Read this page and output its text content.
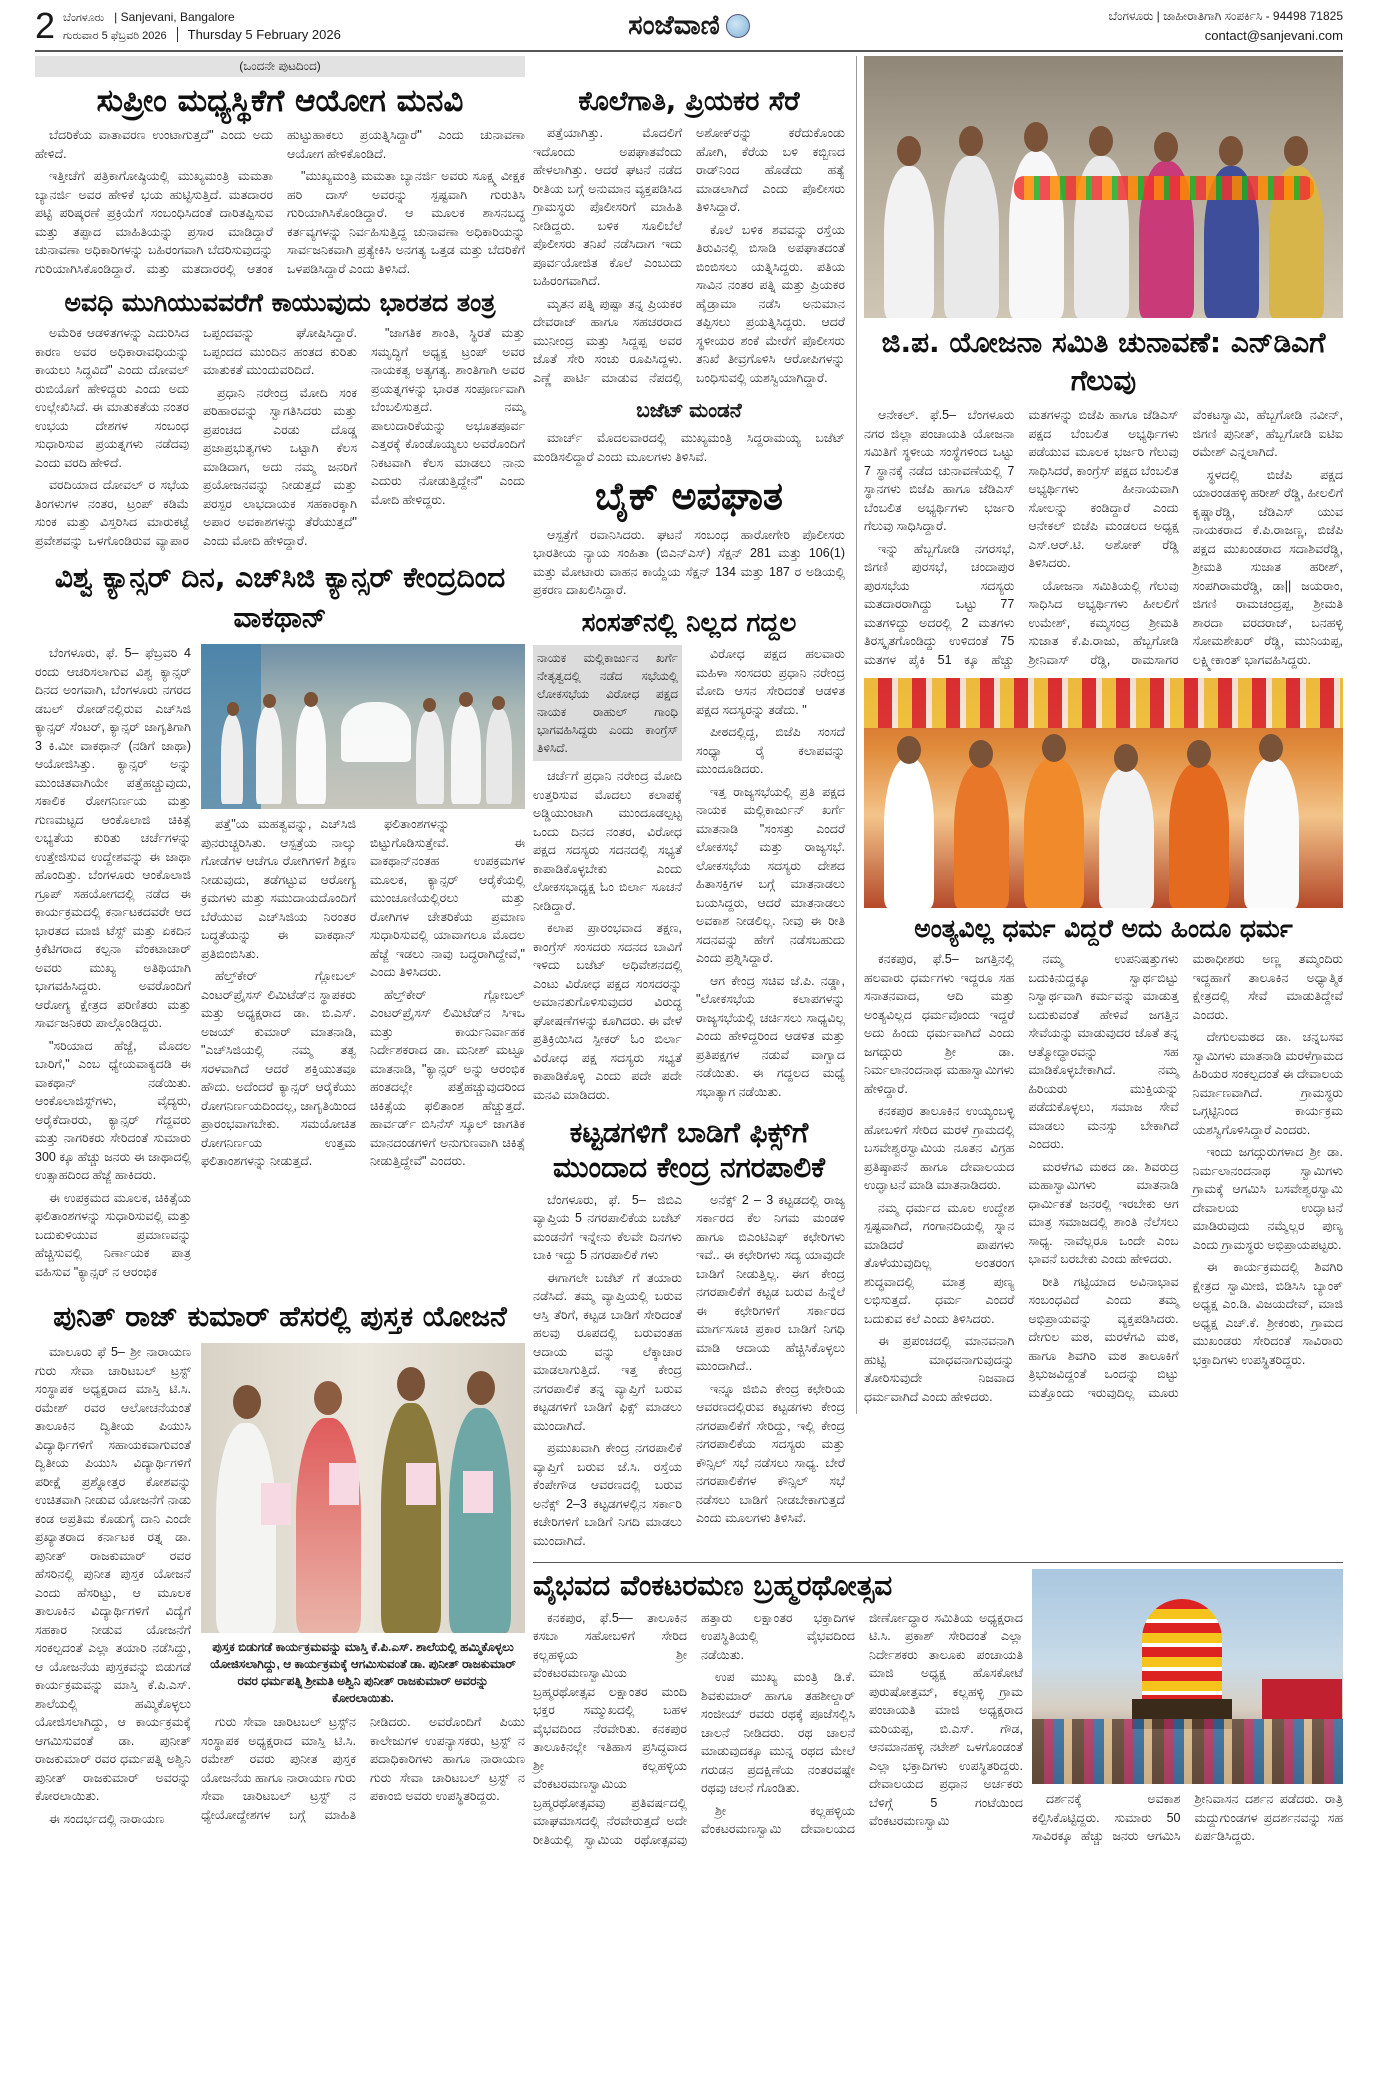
2 ಬೆಂಗಳೂರು | Sanjevani, Bangalore
ಗುರುವಾರ 5 ಫೆಬ್ರವರಿ 2026	Thursday 5 February 2026	ಸಂಜೆವಾಣಿ	ಬೆಂಗಳೂರು | ಜಾಹೀರಾತಿಗಾಗಿ ಸಂಪರ್ಕಿಸಿ - 94498 71825
contact@sanjevani.com
(ಒಂದನೇ ಪುಟದಿಂದ)
ಸುಪ್ರೀಂ ಮಧ್ಯಸ್ಥಿಕೆಗೆ ಆಯೋಗ ಮನವಿ

ಬೆದರಿಕೆಯ ವಾತಾವರಣ ಉಂಟಾಗುತ್ತದೆ" ಎಂದು ಅದು ಹೇಳಿದೆ.

ಇತ್ತೀಚೆಗೆ ಪತ್ರಿಕಾಗೋಷ್ಠಿಯಲ್ಲಿ ಮುಖ್ಯಮಂತ್ರಿ ಮಮತಾ ಬ್ಯಾನರ್ಜಿ ಅವರ ಹೇಳಿಕೆ ಭಯ ಹುಟ್ಟಿಸುತ್ತಿದೆ. ಮತದಾರರ ಪಟ್ಟಿ ಪರಿಷ್ಕರಣೆ ಪ್ರಕ್ರಿಯೆಗೆ ಸಂಬಂಧಿಸಿದಂತೆ ದಾರಿತಪ್ಪಿಸುವ ಮತ್ತು ತಪ್ಪಾದ ಮಾಹಿತಿಯನ್ನು ಪ್ರಸಾರ ಮಾಡಿದ್ದಾರೆ ಚುನಾವಣಾ ಅಧಿಕಾರಿಗಳನ್ನು ಬಹಿರಂಗವಾಗಿ ಬೆದರಿಸುವುದನ್ನು ಗುರಿಯಾಗಿಸಿಕೊಂಡಿದ್ದಾರೆ. ಮತ್ತು ಮತದಾರರಲ್ಲಿ ಆತಂಕ ಹುಟ್ಟುಹಾಕಲು ಪ್ರಯತ್ನಿಸಿದ್ದಾರೆ" ಎಂದು ಚುನಾವಣಾ ಆಯೋಗ ಹೇಳಿಕೊಂಡಿದೆ.

"ಮುಖ್ಯಮಂತ್ರಿ ಮಮತಾ ಬ್ಯಾನರ್ಜಿ ಅವರು ಸೂಕ್ಷ್ಮ ವೀಕ್ಷಕ ಹರಿ ದಾಸ್ ಅವರನ್ನು ಸ್ಪಷ್ಟವಾಗಿ ಗುರುತಿಸಿ ಗುರಿಯಾಗಿಸಿಕೊಂಡಿದ್ದಾರೆ. ಆ ಮೂಲಕ ಶಾಸನಬದ್ಧ ಕರ್ತವ್ಯಗಳನ್ನು ನಿರ್ವಹಿಸುತ್ತಿದ್ದ ಚುನಾವಣಾ ಅಧಿಕಾರಿಯನ್ನು ಸಾರ್ವಜನಿಕವಾಗಿ ಪ್ರತ್ಯೇಕಿಸಿ ಅನಗತ್ಯ ಒತ್ತಡ ಮತ್ತು ಬೆದರಿಕೆಗೆ ಒಳಪಡಿಸಿದ್ದಾರೆ ಎಂದು ತಿಳಿಸಿದೆ.

ಅವಧಿ ಮುಗಿಯುವವರೆಗೆ ಕಾಯುವುದು ಭಾರತದ ತಂತ್ರ

ಅಮೆರಿಕ ಆಡಳಿತಗಳನ್ನು ಎದುರಿಸಿದ ಕಾರಣ ಅವರ ಅಧಿಕಾರಾವಧಿಯನ್ನು ಕಾಯಲು ಸಿದ್ಧವಿದೆ" ಎಂದು ದೋವಲ್ ರುಬಿಯೊಗೆ ಹೇಳಿದ್ದರು ಎಂದು ಅದು ಉಲ್ಲೇಖಿಸಿದೆ. ಈ ಮಾತುಕತೆಯ ನಂತರ ಉಭಯ ದೇಶಗಳ ಸಂಬಂಧ ಸುಧಾರಿಸುವ ಪ್ರಯತ್ನಗಳು ನಡೆದವು ಎಂದು ವರದಿ ಹೇಳಿದೆ.

ವರದಿಯಾದ ದೋವಲ್ ರ ಸಭೆಯ ತಿಂಗಳುಗಳ ನಂತರ, ಟ್ರಂಪ್ ಕಡಿಮೆ ಸುಂಕ ಮತ್ತು ವಿಸ್ತರಿಸಿದ ಮಾರುಕಟ್ಟೆ ಪ್ರವೇಶವನ್ನು ಒಳಗೊಂಡಿರುವ ವ್ಯಾಪಾರ ಒಪ್ಪಂದವನ್ನು ಘೋಷಿಸಿದ್ದಾರೆ. ಒಪ್ಪಂದದ ಮುಂದಿನ ಹಂತದ ಕುರಿತು ಮಾತುಕತೆ ಮುಂದುವರಿದಿದೆ.

ಪ್ರಧಾನಿ ನರೇಂದ್ರ ಮೋದಿ ಸಂಕ ಪರಿಹಾರವನ್ನು ಸ್ವಾಗತಿಸಿದರು ಮತ್ತು ಪ್ರಪಂಚದ ಎರಡು ದೊಡ್ಡ ಪ್ರಜಾಪ್ರಭುತ್ವಗಳು ಒಟ್ಟಾಗಿ ಕೆಲಸ ಮಾಡಿದಾಗ, ಅದು ನಮ್ಮ ಜನರಿಗೆ ಪ್ರಯೋಜನವನ್ನು ನೀಡುತ್ತದೆ ಮತ್ತು ಪರಸ್ಪರ ಲಾಭದಾಯಕ ಸಹಕಾರಕ್ಕಾಗಿ ಅಪಾರ ಅವಕಾಶಗಳನ್ನು ತೆರೆಯುತ್ತದೆ" ಎಂದು ಮೋದಿ ಹೇಳಿದ್ದಾರೆ.

"ಜಾಗತಿಕ ಶಾಂತಿ, ಸ್ಥಿರತೆ ಮತ್ತು ಸಮೃದ್ಧಿಗೆ ಅಧ್ಯಕ್ಷ ಟ್ರಂಪ್ ಅವರ ನಾಯಕತ್ವ ಅತ್ಯಗತ್ಯ. ಶಾಂತಿಗಾಗಿ ಅವರ ಪ್ರಯತ್ನಗಳನ್ನು ಭಾರತ ಸಂಪೂರ್ಣವಾಗಿ ಬೆಂಬಲಿಸುತ್ತದೆ. ನಮ್ಮ ಪಾಲುದಾರಿಕೆಯನ್ನು ಅಭೂತಪೂರ್ವ ಎತ್ತರಕ್ಕೆ ಕೊಂಡೊಯ್ಯಲು ಅವರೊಂದಿಗೆ ನಿಕಟವಾಗಿ ಕೆಲಸ ಮಾಡಲು ನಾನು ಎದುರು ನೋಡುತ್ತಿದ್ದೇನೆ" ಎಂದು ಮೋದಿ ಹೇಳಿದ್ದರು.

ವಿಶ್ವ ಕ್ಯಾನ್ಸರ್ ದಿನ, ಎಚ್‌ಸಿಜಿ ಕ್ಯಾನ್ಸರ್ ಕೇಂದ್ರದಿಂದ ವಾಕಥಾನ್

ಬೆಂಗಳೂರು, ಫೆ. 5– ಫೆಬ್ರವರಿ 4 ರಂದು ಆಚರಿಸಲಾಗುವ ವಿಶ್ವ ಕ್ಯಾನ್ಸರ್ ದಿನದ ಅಂಗವಾಗಿ, ಬೆಂಗಳೂರು ನಗರದ ಡಬಲ್ ರೋಡ್‌ನಲ್ಲಿರುವ ಎಚ್‌ಸಿಜಿ ಕ್ಯಾನ್ಸರ್ ಸೆಂಟರ್, ಕ್ಯಾನ್ಸರ್ ಜಾಗೃತಿಗಾಗಿ 3 ಕಿ.ಮೀ ವಾಕಥಾನ್ (ನಡಿಗೆ ಜಾಥಾ) ಆಯೋಜಿಸಿತ್ತು. ಕ್ಯಾನ್ಸರ್ ಅನ್ನು ಮುಂಚಿತವಾಗಿಯೇ ಪತ್ತೆಹಚ್ಚುವುದು, ಸಕಾಲಿಕ ರೋಗನಿರ್ಣಯ ಮತ್ತು ಗುಣಮಟ್ಟದ ಆಂಕೊಲಾಜಿ ಚಿಕಿತ್ಸೆ ಲಭ್ಯತೆಯ ಕುರಿತು ಚರ್ಚೆಗಳನ್ನು ಉತ್ತೇಜಿಸುವ ಉದ್ದೇಶವನ್ನು ಈ ಜಾಥಾ ಹೊಂದಿತ್ತು. ಬೆಂಗಳೂರು ಆಂಕೊಲಾಜಿ ಗ್ರೂಪ್ ಸಹಯೋಗದಲ್ಲಿ ನಡೆದ ಈ ಕಾರ್ಯಕ್ರಮದಲ್ಲಿ ಕರ್ನಾಟಕದವರೇ ಆದ ಭಾರತದ ಮಾಜಿ ಟೆಸ್ಟ್ ಮತ್ತು ಏಕದಿನ ಕ್ರಿಕೆಟಿಗರಾದ ಕಲ್ಪನಾ ವೆಂಕಟಾಚಾರ್ ಅವರು ಮುಖ್ಯ ಅತಿಥಿಯಾಗಿ ಭಾಗವಹಿಸಿದ್ದರು. ಅವರೊಂದಿಗೆ ಆರೋಗ್ಯ ಕ್ಷೇತ್ರದ ಪರಿಣಿತರು ಮತ್ತು ಸಾರ್ವಜನಿಕರು ಪಾಲ್ಗೊಂಡಿದ್ದರು.

"ಸರಿಯಾದ ಹೆಜ್ಜೆ, ಮೊದಲ ಬಾರಿಗೆ," ಎಂಬ ಧ್ಯೇಯವಾಕ್ಯದಡಿ ಈ ವಾಕಥಾನ್ ನಡೆಯಿತು. ಆಂಕೊಲಾಜಿಸ್ಟ್‌ಗಳು, ವೈದ್ಯರು, ಆರೈಕೆದಾರರು, ಕ್ಯಾನ್ಸರ್ ಗೆದ್ದವರು ಮತ್ತು ನಾಗರಿಕರು ಸೇರಿದಂತೆ ಸುಮಾರು 300 ಕ್ಕೂ ಹೆಚ್ಚು ಜನರು ಈ ಜಾಥಾದಲ್ಲಿ ಉತ್ಸಾಹದಿಂದ ಹೆಜ್ಜೆ ಹಾಕಿದರು.

ಈ ಉಪಕ್ರಮದ ಮೂಲಕ, ಚಿಕಿತ್ಸೆಯ ಫಲಿತಾಂಶಗಳನ್ನು ಸುಧಾರಿಸುವಲ್ಲಿ ಮತ್ತು ಬದುಕುಳಿಯುವ ಪ್ರಮಾಣವನ್ನು ಹೆಚ್ಚಿಸುವಲ್ಲಿ ನಿರ್ಣಾಯಕ ಪಾತ್ರ ವಹಿಸುವ "ಕ್ಯಾನ್ಸರ್ ನ ಆರಂಭಿಕ

ಪತ್ತೆ"ಯ ಮಹತ್ವವನ್ನು, ಎಚ್‌ಸಿಜಿ ಪುನರುಚ್ಚರಿಸಿತು. ಆಸ್ಪತ್ರೆಯ ನಾಲ್ಕು ಗೋಡೆಗಳ ಆಚೆಗೂ ರೋಗಿಗಳಿಗೆ ಶಿಕ್ಷಣ ನೀಡುವುದು, ತಡೆಗಟ್ಟುವ ಆರೋಗ್ಯ ಕ್ರಮಗಳು ಮತ್ತು ಸಮುದಾಯದೊಂದಿಗೆ ಬೆರೆಯುವ ಎಚ್‌ಸಿಜಿಯ ನಿರಂತರ ಬದ್ಧತೆಯನ್ನು ಈ ವಾಕಥಾನ್ ಪ್ರತಿಬಿಂಬಿಸಿತು.

ಹೆಲ್ತ್‌ಕೇರ್ ಗ್ಲೋಬಲ್ ಎಂಟರ್‌ಪ್ರೈಸಸ್ ಲಿಮಿಟೆಡ್‌ನ ಸ್ಥಾಪಕರು ಮತ್ತು ಅಧ್ಯಕ್ಷರಾದ ಡಾ. ಬಿ.ಎಸ್. ಅಜಯ್ ಕುಮಾರ್ ಮಾತನಾಡಿ, "ಎಚ್‌ಸಿಜಿಯಲ್ಲಿ ನಮ್ಮ ತತ್ವ ಸರಳವಾಗಿದೆ ಆದರೆ ಶಕ್ತಿಯುತವೂ ಹೌದು. ಅದೆಂದರೆ ಕ್ಯಾನ್ಸರ್ ಆರೈಕೆಯು ರೋಗನಿರ್ಣಯದಿಂದಲ್ಲ, ಜಾಗೃತಿಯಿಂದ ಪ್ರಾರಂಭವಾಗಬೇಕು. ಸಮಯೋಚಿತ ರೋಗನಿರ್ಣಯ ಉತ್ತಮ ಫಲಿತಾಂಶಗಳನ್ನು ನೀಡುತ್ತದೆ.

ಫಲಿತಾಂಶಗಳನ್ನು ಬಿಟ್ಟುಗೊಡಿಸುತ್ತೇವೆ. ಈ ವಾಕಥಾನ್‌ನಂತಹ ಉಪಕ್ರಮಗಳ ಮೂಲಕ, ಕ್ಯಾನ್ಸರ್ ಆರೈಕೆಯಲ್ಲಿ ಮುಂಚೂಣಿಯಲ್ಲಿರಲು ಮತ್ತು ರೋಗಿಗಳ ಚೇತರಿಕೆಯ ಪ್ರಮಾಣ ಸುಧಾರಿಸುವಲ್ಲಿ ಯಾವಾಗಲೂ ಮೊದಲ ಹೆಜ್ಜೆ ಇಡಲು ನಾವು ಬದ್ಧರಾಗಿದ್ದೇವೆ," ಎಂದು ತಿಳಿಸಿದರು.

ಹೆಲ್ತ್‌ಕೇರ್ ಗ್ಲೋಬಲ್ ಎಂಟರ್‌ಪ್ರೈಸಸ್ ಲಿಮಿಟೆಡ್‌ನ ಸಿಇಒ ಮತ್ತು ಕಾರ್ಯನಿರ್ವಾಹಕ ನಿರ್ದೇಶಕರಾದ ಡಾ. ಮನೀಶ್ ಮಟ್ಟೂ ಮಾತನಾಡಿ, "ಕ್ಯಾನ್ಸರ್ ಅನ್ನು ಆರಂಭಿಕ ಹಂತದಲ್ಲೇ ಪತ್ತೆಹಚ್ಚುವುದರಿಂದ ಚಿಕಿತ್ಸೆಯ ಫಲಿತಾಂಶ ಹೆಚ್ಚುತ್ತದೆ. ಹಾರ್ವರ್ಡ್ ಬಿಸಿನೆಸ್ ಸ್ಕೂಲ್ ಜಾಗತಿಕ ಮಾನದಂಡಗಳಿಗೆ ಅನುಗುಣವಾಗಿ ಚಿಕಿತ್ಸೆ ನೀಡುತ್ತಿದ್ದೇವೆ" ಎಂದರು.

ಪುನಿತ್ ರಾಜ್ ಕುಮಾರ್ ಹೆಸರಲ್ಲಿ ಪುಸ್ತಕ ಯೋಜನೆ

ಮಾಲೂರು ಫೆ 5– ಶ್ರೀ ನಾರಾಯಣ ಗುರು ಸೇವಾ ಚಾರಿಟಬಲ್ ಟ್ರಸ್ಟ್ ಸಂಸ್ಥಾಪಕ ಅಧ್ಯಕ್ಷರಾದ ಮಾಸ್ತಿ ಟಿ.ಸಿ. ರಮೇಶ್ ರವರ ಆಲೋಚನೆಯಂತೆ ತಾಲೂಕಿನ ದ್ವಿತೀಯ ಪಿಯುಸಿ ವಿದ್ಯಾರ್ಥಿಗಳಿಗೆ ಸಹಾಯಕವಾಗುವಂತೆ ದ್ವಿತೀಯ ಪಿಯುಸಿ ವಿದ್ಯಾರ್ಥಿಗಳಿಗೆ ಪರೀಕ್ಷೆ ಪ್ರಶ್ನೋತ್ತರ ಕೋಶವನ್ನು ಉಚಿತವಾಗಿ ನೀಡುವ ಯೋಜನೆಗೆ ನಾಡು ಕಂಡ ಅಪ್ರತಿಮ ಕೊಡುಗೈ ದಾನಿ ಎಂದೇ ಪ್ರಖ್ಯಾತರಾದ ಕರ್ನಾಟಕ ರತ್ನ ಡಾ. ಪುನೀತ್ ರಾಜಕುಮಾರ್ ರವರ ಹೆಸರಿನಲ್ಲಿ ಪುನೀತ ಪುಸ್ತಕ ಯೋಜನೆ ಎಂದು ಹೆಸರಿಟ್ಟು, ಆ ಮೂಲಕ ತಾಲೂಕಿನ ವಿದ್ಯಾರ್ಥಿಗಳಿಗೆ ವಿದ್ಯೆಗೆ ಸಹಕಾರ ನೀಡುವ ಯೋಜನೆಗೆ ಸಂಕಲ್ಪದಂತೆ ಎಲ್ಲಾ ತಯಾರಿ ನಡೆಸಿದ್ದು, ಆ ಯೋಜನೆಯ ಪುಸ್ತಕವನ್ನು ಬಿಡುಗಡೆ ಕಾರ್ಯಕ್ರಮವನ್ನು ಮಾಸ್ತಿ ಕೆ.ಪಿ.ಎಸ್. ಶಾಲೆಯಲ್ಲಿ ಹಮ್ಮಿಕೊಳ್ಳಲು ಯೋಜಿಸಲಾಗಿದ್ದು, ಆ ಕಾರ್ಯಕ್ರಮಕ್ಕೆ ಆಗಮಿಸುವಂತೆ ಡಾ. ಪುನೀತ್ ರಾಜಕುಮಾರ್ ರವರ ಧರ್ಮಪತ್ನಿ ಅಶ್ವಿನಿ ಪುನೀತ್ ರಾಜಕುಮಾರ್ ಅವರನ್ನು ಕೋರಲಾಯಿತು.

ಈ ಸಂದರ್ಭದಲ್ಲಿ ನಾರಾಯಣ

ಪುಸ್ತಕ ಬಿಡುಗಡೆ ಕಾರ್ಯಕ್ರಮವನ್ನು ಮಾಸ್ತಿ ಕೆ.ಪಿ.ಎಸ್. ಶಾಲೆಯಲ್ಲಿ ಹಮ್ಮಿಕೊಳ್ಳಲು ಯೋಜಿಸಲಾಗಿದ್ದು, ಆ ಕಾರ್ಯಕ್ರಮಕ್ಕೆ ಆಗಮಿಸುವಂತೆ ಡಾ. ಪುನೀತ್ ರಾಜಕುಮಾರ್ ರವರ ಧರ್ಮಪತ್ನಿ ಶ್ರೀಮತಿ ಅಶ್ವಿನಿ ಪುನೀತ್ ರಾಜಕುಮಾರ್ ಅವರನ್ನು ಕೋರಲಾಯಿತು.

ಗುರು ಸೇವಾ ಚಾರಿಟಬಲ್ ಟ್ರಸ್ಟ್‌ನ ಸಂಸ್ಥಾಪಕ ಅಧ್ಯಕ್ಷರಾದ ಮಾಸ್ತಿ ಟಿ.ಸಿ. ರಮೇಶ್ ರವರು ಪುನೀತ ಪುಸ್ತಕ ಯೋಜನೆಯ ಹಾಗೂ ನಾರಾಯಣ ಗುರು ಸೇವಾ ಚಾರಿಟಬಲ್ ಟ್ರಸ್ಟ್ ನ ಧ್ಯೇಯೋದ್ದೇಶಗಳ ಬಗ್ಗೆ ಮಾಹಿತಿ ನೀಡಿದರು. ಅವರೊಂದಿಗೆ ಪಿಯು ಕಾಲೇಜುಗಳ ಉಪನ್ಯಾಸಕರು, ಟ್ರಸ್ಟ್ ನ ಪದಾಧಿಕಾರಿಗಳು ಹಾಗೂ ನಾರಾಯಣ ಗುರು ಸೇವಾ ಚಾರಿಟಬಲ್ ಟ್ರಸ್ಟ್ ನ ಪಕಾಂಬಿ ಅವರು ಉಪಸ್ಥಿತರಿದ್ದರು.

ಕೊಲೆಗಾತಿ, ಪ್ರಿಯಕರ ಸೆರೆ

ಪತ್ತೆಯಾಗಿತ್ತು. ಮೊದಲಿಗೆ ಇದೊಂದು ಅಪಘಾತವೆಂದು ಹೇಳಲಾಗಿತ್ತು. ಆದರೆ ಘಟನೆ ನಡೆದ ರೀತಿಯ ಬಗ್ಗೆ ಅನುಮಾನ ವ್ಯಕ್ತಪಡಿಸಿದ ಗ್ರಾಮಸ್ಥರು ಪೊಲೀಸರಿಗೆ ಮಾಹಿತಿ ನೀಡಿದ್ದರು. ಬಳಿಕ ಸೂಲಿಬೆಲೆ ಪೊಲೀಸರು ತನಿಖೆ ನಡೆಸಿದಾಗ ಇದು ಪೂರ್ವಯೋಜಿತ ಕೊಲೆ ಎಂಬುದು ಬಹಿರಂಗವಾಗಿದೆ.

ಮೃತನ ಪತ್ನಿ ಪುಷ್ಪಾ ತನ್ನ ಪ್ರಿಯಕರ ದೇವರಾಜ್ ಹಾಗೂ ಸಹಚರರಾದ ಮುನೀಂದ್ರ ಮತ್ತು ಸಿದ್ದಪ್ಪ ಅವರ ಜೊತೆ ಸೇರಿ ಸಂಚು ರೂಪಿಸಿದ್ದಳು. ಎಣ್ಣೆ ಪಾರ್ಟಿ ಮಾಡುವ ನೆಪದಲ್ಲಿ ಅಶೋಕ್‌ರನ್ನು ಕರೆದುಕೊಂಡು ಹೋಗಿ, ಕೆರೆಯ ಬಳಿ ಕಬ್ಬಿಣದ ರಾಡ್‌ನಿಂದ ಹೊಡೆದು ಹತ್ಯೆ ಮಾಡಲಾಗಿದೆ ಎಂದು ಪೊಲೀಸರು ತಿಳಿಸಿದ್ದಾರೆ.

ಕೊಲೆ ಬಳಿಕ ಶವವನ್ನು ರಸ್ತೆಯ ತಿರುವಿನಲ್ಲಿ ಬಿಸಾಡಿ ಅಪಘಾತದಂತೆ ಬಿಂಬಿಸಲು ಯತ್ನಿಸಿದ್ದರು. ಪತಿಯ ಸಾವಿನ ನಂತರ ಪತ್ನಿ ಮತ್ತು ಪ್ರಿಯಕರ ಹೈಡ್ರಾಮಾ ನಡೆಸಿ ಅನುಮಾನ ತಪ್ಪಿಸಲು ಪ್ರಯತ್ನಿಸಿದ್ದರು. ಆದರೆ ಸ್ಥಳೀಯರ ಶಂಕೆ ಮೇರೆಗೆ ಪೊಲೀಸರು ತನಿಖೆ ತೀವ್ರಗೊಳಿಸಿ ಆರೋಪಿಗಳನ್ನು ಬಂಧಿಸುವಲ್ಲಿ ಯಶಸ್ವಿಯಾಗಿದ್ದಾರೆ.

ಬಜೆಟ್ ಮಂಡನೆ

ಮಾರ್ಚ್ ಮೊದಲವಾರದಲ್ಲಿ ಮುಖ್ಯಮಂತ್ರಿ ಸಿದ್ದರಾಮಯ್ಯ ಬಜೆಟ್ ಮಂಡಿಸಲಿದ್ದಾರೆ ಎಂದು ಮೂಲಗಳು ತಿಳಿಸಿವೆ.

ಬೈಕ್ ಅಪಘಾತ

ಆಸ್ಪತ್ರೆಗೆ ರವಾನಿಸಿದರು. ಘಟನೆ ಸಂಬಂಧ ಹಾರೋಗೇರಿ ಪೊಲೀಸರು ಭಾರತೀಯ ನ್ಯಾಯ ಸಂಹಿತಾ (ಬಿಎನ್‌ಎಸ್) ಸೆಕ್ಷನ್ 281 ಮತ್ತು 106(1) ಮತ್ತು ಮೋಟಾರು ವಾಹನ ಕಾಯ್ದೆಯ ಸೆಕ್ಷನ್ 134 ಮತ್ತು 187 ರ ಅಡಿಯಲ್ಲಿ ಪ್ರಕರಣ ದಾಖಲಿಸಿದ್ದಾರೆ.

ಸಂಸತ್‌ನಲ್ಲಿ ನಿಲ್ಲದ ಗದ್ದಲ
ನಾಯಕ ಮಲ್ಲಿಕಾರ್ಜುನ ಖರ್ಗೆ ನೇತೃತ್ವದಲ್ಲಿ ನಡೆದ ಸಭೆಯಲ್ಲಿ ಲೋಕಸಭೆಯ ವಿರೋಧ ಪಕ್ಷದ ನಾಯಕ ರಾಹುಲ್ ಗಾಂಧಿ ಭಾಗವಹಿಸಿದ್ದರು ಎಂದು ಕಾಂಗ್ರೆಸ್ ತಿಳಿಸಿದೆ.

ಚರ್ಚೆಗೆ ಪ್ರಧಾನಿ ನರೇಂದ್ರ ಮೋದಿ ಉತ್ತರಿಸುವ ಮೊದಲು ಕಲಾಪಕ್ಕೆ ಅಡ್ಡಿಯುಂಟಾಗಿ ಮುಂದೂಡಲ್ಪಟ್ಟ ಒಂದು ದಿನದ ನಂತರ, ವಿರೋಧ ಪಕ್ಷದ ಸದಸ್ಯರು ಸದನದಲ್ಲಿ ಸಭ್ಯತೆ ಕಾಪಾಡಿಕೊಳ್ಳಬೇಕು ಎಂದು ಲೋಕಸಭಾಧ್ಯಕ್ಷ ಓಂ ಬಿರ್ಲಾ ಸೂಚನೆ ನೀಡಿದ್ದಾರೆ.

ಕಲಾಪ ಪ್ರಾರಂಭವಾದ ತಕ್ಷಣ, ಕಾಂಗ್ರೆಸ್ ಸಂಸದರು ಸದನದ ಬಾವಿಗೆ ಇಳಿದು ಬಜೆಟ್ ಅಧಿವೇಶನದಲ್ಲಿ ಎಂಟು ವಿರೋಧ ಪಕ್ಷದ ಸಂಸದರನ್ನು ಅಮಾನತುಗೊಳಿಸುವುದರ ವಿರುದ್ಧ ಘೋಷಣೆಗಳನ್ನು ಕೂಗಿದರು. ಈ ವೇಳೆ ಪ್ರತಿಕ್ರಿಯಿಸಿದ ಸ್ಪೀಕರ್ ಓಂ ಬಿರ್ಲಾ ವಿರೋಧ ಪಕ್ಷ ಸದಸ್ಯರು ಸಭ್ಯತೆ ಕಾಪಾಡಿಕೊಳ್ಳಿ ಎಂದು ಪದೇ ಪದೇ ಮನವಿ ಮಾಡಿದರು.

ವಿರೋಧ ಪಕ್ಷದ ಹಲವಾರು ಮಹಿಳಾ ಸಂಸದರು ಪ್ರಧಾನಿ ನರೇಂದ್ರ ಮೋದಿ ಆಸನ ಸೇರಿದಂತೆ ಆಡಳಿತ ಪಕ್ಷದ ಸದಸ್ಯರನ್ನು ತಡೆದು. "

ಪೀಠದಲ್ಲಿದ್ದ, ಬಿಜೆಪಿ ಸಂಸದೆ ಸಂಧ್ಯಾ ರೈ ಕಲಾಪವನ್ನು ಮುಂದೂಡಿದರು.

ಇತ್ತ ರಾಜ್ಯಸಭೆಯಲ್ಲಿ ಪ್ರತಿ ಪಕ್ಷದ ನಾಯಕ ಮಲ್ಲಿಕಾರ್ಜುನ್ ಖರ್ಗೆ ಮಾತನಾಡಿ "ಸಂಸತ್ತು ಎಂದರೆ ಲೋಕಸಭೆ ಮತ್ತು ರಾಜ್ಯಸಭೆ. ಲೋಕಸಭೆಯ ಸದಸ್ಯರು ದೇಶದ ಹಿತಾಸಕ್ತಿಗಳ ಬಗ್ಗೆ ಮಾತನಾಡಲು ಬಯಸಿದ್ದರು, ಆದರೆ ಮಾತನಾಡಲು ಅವಕಾಶ ನೀಡಲಿಲ್ಲ. ನೀವು ಈ ರೀತಿ ಸದನವನ್ನು ಹೇಗೆ ನಡೆಸಬಹುದು ಎಂದು ಪ್ರಶ್ನಿಸಿದ್ದಾರೆ.

ಆಗ ಕೇಂದ್ರ ಸಚಿವ ಜೆ.ಪಿ. ನಡ್ಡಾ, "ಲೋಕಸಭೆಯ ಕಲಾಪಗಳನ್ನು ರಾಜ್ಯಸಭೆಯಲ್ಲಿ ಚರ್ಚಿಸಲು ಸಾಧ್ಯವಿಲ್ಲ ಎಂದು ಹೇಳಿದ್ದರಿಂದ ಆಡಳಿತ ಮತ್ತು ಪ್ರತಿಪಕ್ಷಗಳ ನಡುವೆ ವಾಗ್ವಾದ ನಡೆಯಿತು. ಈ ಗದ್ದಲದ ಮಧ್ಯೆ ಸಭಾತ್ಯಾಗ ನಡೆಯಿತು.

ಕಟ್ಟಡಗಳಿಗೆ ಬಾಡಿಗೆ ಫಿಕ್ಸ್‌ಗೆ ಮುಂದಾದ ಕೇಂದ್ರ ನಗರಪಾಲಿಕೆ

ಬೆಂಗಳೂರು, ಫೆ. 5– ಜಿಬಿಎ ವ್ಯಾಪ್ತಿಯ 5 ನಗರಪಾಲಿಕೆಯ ಬಜೆಟ್ ಮಂಡನೆಗೆ ಇನ್ನೇನು ಕೆಲವೇ ದಿನಗಳು ಬಾಕಿ ಇದ್ದು 5 ನಗರಪಾಲಿಕೆ ಗಳು

ಈಗಾಗಲೇ ಬಜೆಟ್ ಗೆ ತಯಾರು ನಡೆಸಿದೆ. ತಮ್ಮ ವ್ಯಾಪ್ತಿಯಲ್ಲಿ ಬರುವ ಆಸ್ತಿ ತೆರಿಗೆ, ಕಟ್ಟಡ ಬಾಡಿಗೆ ಸೇರಿದಂತೆ ಹಲವು ರೂಪದಲ್ಲಿ ಬರುವಂತಹ ಆದಾಯ ವನ್ನು ಲೆಕ್ಕಾಚಾರ ಮಾಡಲಾಗುತ್ತಿದೆ. ಇತ್ತ ಕೇಂದ್ರ ನಗರಪಾಲಿಕೆ ತನ್ನ ವ್ಯಾಪ್ತಿಗೆ ಬರುವ ಕಟ್ಟಡಗಳಿಗೆ ಬಾಡಿಗೆ ಫಿಕ್ಸ್ ಮಾಡಲು ಮುಂದಾಗಿದೆ.

ಪ್ರಮುಖವಾಗಿ ಕೇಂದ್ರ ನಗರಪಾಲಿಕೆ ವ್ಯಾಪ್ತಿಗೆ ಬರುವ ಜೆ.ಸಿ. ರಸ್ತೆಯ ಕೆಂಪೇಗೌಡ ಆವರಣದಲ್ಲಿ ಬರುವ ಅನೆಕ್ಸ್ 2–3 ಕಟ್ಟಡಗಳಲ್ಲಿನ ಸರ್ಕಾರಿ ಕಚೇರಿಗಳಿಗೆ ಬಾಡಿಗೆ ನಿಗದಿ ಮಾಡಲು ಮುಂದಾಗಿದೆ.

ಅನೆಕ್ಸ್ 2 – 3 ಕಟ್ಟಡದಲ್ಲಿ ರಾಜ್ಯ ಸರ್ಕಾರದ ಕೆಲ ನಿಗಮ ಮಂಡಳಿ ಹಾಗೂ ಬಿಎಂಟಿಎಫ್ ಕಛೇರಿಗಳು ಇವೆ.. ಈ ಕಛೇರಿಗಳು ಸದ್ಯ ಯಾವುದೇ ಬಾಡಿಗೆ ನೀಡುತ್ತಿಲ್ಲ. ಈಗ ಕೇಂದ್ರ ನಗರಪಾಲಿಕೆಗೆ ಕಟ್ಟಡ ಬರುವ ಹಿನ್ನೆಲೆ ಈ ಕಛೇರಿಗಳಿಗೆ ಸರ್ಕಾರದ ಮಾರ್ಗಸೂಚಿ ಪ್ರಕಾರ ಬಾಡಿಗೆ ನಿಗಧಿ ಮಾಡಿ ಆದಾಯ ಹೆಚ್ಚಿಸಿಕೊಳ್ಳಲು ಮುಂದಾಗಿದೆ..

ಇನ್ನೂ ಜಿಬಿಎ ಕೇಂದ್ರ ಕಛೇರಿಯ ಆವರಣದಲ್ಲಿರುವ ಕಟ್ಟಡಗಳು ಕೇಂದ್ರ ನಗರಪಾಲಿಕೆಗೆ ಸೇರಿದ್ದು, ಇಲ್ಲಿ ಕೇಂದ್ರ ನಗರಪಾಲಿಕೆಯ ಸದಸ್ಯರು ಮತ್ತು ಕೌನ್ಸಿಲ್ ಸಭೆ ನಡೆಸಲು ಸಾಧ್ಯ. ಬೇರೆ ನಗರಪಾಲಿಕೆಗಳ ಕೌನ್ಸಿಲ್ ಸಭೆ ನಡೆಸಲು ಬಾಡಿಗೆ ನೀಡಬೇಕಾಗುತ್ತದೆ ಎಂದು ಮೂಲಗಳು ತಿಳಿಸಿವೆ.

ಜಿ.ಪ. ಯೋಜನಾ ಸಮಿತಿ ಚುನಾವಣೆ: ಎನ್‌ಡಿಎಗೆ ಗೆಲುವು

ಆನೇಕಲ್. ಫೆ.5– ಬೆಂಗಳೂರು ನಗರ ಜಿಲ್ಲಾ ಪಂಚಾಯತಿ ಯೋಜನಾ ಸಮಿತಿಗೆ ಸ್ಥಳೀಯ ಸಂಸ್ಥೆಗಳಿಂದ ಒಟ್ಟು 7 ಸ್ಥಾನಕ್ಕೆ ನಡೆದ ಚುನಾವಣೆಯಲ್ಲಿ 7 ಸ್ಥಾನಗಳು ಬಿಜೆಪಿ ಹಾಗೂ ಜೆಡಿಎಸ್ ಬೆಂಬಲಿತ ಅಭ್ಯರ್ಥಿಗಳು ಭರ್ಜರಿ ಗೆಲುವು ಸಾಧಿಸಿದ್ದಾರೆ.

ಇನ್ನು ಹೆಬ್ಬಗೋಡಿ ನಗರಸಭೆ, ಜಿಗಣಿ ಪುರಸಭೆ, ಚಂದಾಪುರ ಪುರಸಭೆಯ ಸದಸ್ಯರು ಮತದಾರರಾಗಿದ್ದು ಒಟ್ಟು 77 ಮತಗಳಿದ್ದು ಅದರಲ್ಲಿ 2 ಮತಗಳು ತಿರಸ್ಕೃತಗೊಂಡಿದ್ದು ಉಳಿದಂತೆ 75 ಮತಗಳ ಪೈಕಿ 51 ಕ್ಕೂ ಹೆಚ್ಚು ಮತಗಳನ್ನು ಬಿಜೆಪಿ ಹಾಗೂ ಜೆಡಿಎಸ್ ಪಕ್ಷದ ಬೆಂಬಲಿತ ಅಭ್ಯರ್ಥಿಗಳು ಪಡೆಯುವ ಮೂಲಕ ಭರ್ಜರಿ ಗೆಲುವು ಸಾಧಿಸಿದರೆ, ಕಾಂಗ್ರೆಸ್ ಪಕ್ಷದ ಬೆಂಬಲಿತ ಅಭ್ಯರ್ಥಿಗಳು ಹೀನಾಯವಾಗಿ ಸೋಲನ್ನು ಕಂಡಿದ್ದಾರೆ ಎಂದು ಆನೇಕಲ್ ಬಿಜೆಪಿ ಮಂಡಲದ ಅಧ್ಯಕ್ಷ ಎಸ್.ಆರ್.ಟಿ. ಅಶೋಕ್ ರೆಡ್ಡಿ ತಿಳಿಸಿದರು.

ಯೋಜನಾ ಸಮಿತಿಯಲ್ಲಿ ಗೆಲುವು ಸಾಧಿಸಿದ ಅಭ್ಯರ್ಥಿಗಳು ಹೀಲಲಿಗೆ ಉಮೇಶ್, ಕಮ್ಮಸಂದ್ರ ಶ್ರೀಮತಿ ಸುಜಾತ ಕೆ.ಪಿ.ರಾಜು, ಹೆಬ್ಬಗೋಡಿ ಶ್ರೀನಿವಾಸ್ ರೆಡ್ಡಿ, ರಾಮಸಾಗರ ವೆಂಕಟಸ್ವಾಮಿ, ಹೆಬ್ಬಗೋಡಿ ನವೀನ್, ಜಿಗಣಿ ಪುನೀತ್, ಹೆಬ್ಬಗೋಡಿ ಐಟಿಐ ರಮೇಶ್ ಎನ್ನಲಾಗಿದೆ.

ಸ್ಥಳದಲ್ಲಿ ಬಿಜೆಪಿ ಪಕ್ಷದ ಯಾರಂಡಹಳ್ಳಿ ಹರೀಶ್ ರೆಡ್ಡಿ, ಹೀಲಲಿಗೆ ಕೃಷ್ಣಾರೆಡ್ಡಿ, ಜೆಡಿಎಸ್ ಯುವ ನಾಯಕರಾದ ಕೆ.ಪಿ.ರಾಜಣ್ಣ, ಬಿಜೆಪಿ ಪಕ್ಷದ ಮುಖಂಡರಾದ ಸದಾಶಿವರೆಡ್ಡಿ, ಶ್ರೀಮತಿ ಸುಜಾತ ಹರೀಶ್, ಸಂಪಗಿರಾಮರೆಡ್ಡಿ, ಡಾ|| ಜಯರಾಂ, ಜಿಗಣಿ ರಾಮಚಂದ್ರಪ್ಪ, ಶ್ರೀಮತಿ ಶಾರದಾ ವರದರಾಜ್, ಬನಹಳ್ಳಿ ಸೋಮಶೇಖರ್ ರೆಡ್ಡಿ, ಮುನಿಯಪ್ಪ, ಲಕ್ಷ್ಮೀಕಾಂತ್ ಭಾಗವಹಿಸಿದ್ದರು.

ಅಂತ್ಯವಿಲ್ಲ ಧರ್ಮ ವಿದ್ದರೆ ಅದು ಹಿಂದೂ ಧರ್ಮ

ಕನಕಪುರ, ಫೆ.5– ಜಗತ್ತಿನಲ್ಲಿ ಹಲವಾರು ಧರ್ಮಗಳು ಇದ್ದರೂ ಸಹ ಸನಾತನವಾದ, ಆದಿ ಮತ್ತು ಅಂತ್ಯವಿಲ್ಲದ ಧರ್ಮವೊಂದು ಇದ್ದರೆ ಅದು ಹಿಂದು ಧರ್ಮವಾಗಿದೆ ಎಂದು ಜಗದ್ಗುರು ಶ್ರೀ ಡಾ. ನಿರ್ಮಲಾನಂದನಾಥ ಮಹಾಸ್ವಾಮಿಗಳು ಹೇಳಿದ್ದಾರೆ.

ಕನಕಪುರ ತಾಲೂಕಿನ ಉಯ್ಯಂಬಳ್ಳಿ ಹೋಬಳಿಗೆ ಸೇರಿದ ಮರಳೆ ಗ್ರಾಮದಲ್ಲಿ ಬಸವೇಶ್ವರಸ್ವಾಮಿಯ ನೂತನ ವಿಗ್ರಹ ಪ್ರತಿಷ್ಠಾಪನೆ ಹಾಗೂ ದೇವಾಲಯದ ಉದ್ಘಾಟನೆ ಮಾಡಿ ಮಾತನಾಡಿದರು.

ನಮ್ಮ ಧರ್ಮದ ಮೂಲ ಉದ್ದೇಶ ಸ್ಪಷ್ಟವಾಗಿದೆ, ಗಂಗಾನದಿಯಲ್ಲಿ ಸ್ನಾನ ಮಾಡಿದರೆ ಪಾಪಗಳು ತೊಳೆಯುವುದಿಲ್ಲ ಅಂತರಂಗ ಶುದ್ಧವಾದಲ್ಲಿ ಮಾತ್ರ ಪುಣ್ಯ ಲಭಿಸುತ್ತದೆ. ಧರ್ಮ ಎಂದರೆ ಬದುಕುವ ಕಲೆ ಎಂದು ತಿಳಿಸಿದರು.

ಈ ಪ್ರಪಂಚದಲ್ಲಿ ಮಾನವನಾಗಿ ಹುಟ್ಟಿ ಮಾಧವನಾಗುವುದನ್ನು ತೋರಿಸುವುದೇ ನಿಜವಾದ ಧರ್ಮವಾಗಿದೆ ಎಂದು ಹೇಳಿದರು.

ನಮ್ಮ ಉಪನಿಷತ್ತುಗಳು ಬದುಕಿನುದ್ದಕ್ಕೂ ಸ್ವಾರ್ಥಬಿಟ್ಟು ನಿಸ್ವಾರ್ಥವಾಗಿ ಕರ್ಮವನ್ನು ಮಾಡುತ್ತ ಬದುಕುವಂತೆ ಹೇಳಿವೆ ಜಗತ್ತಿನ ಸೇವೆಯನ್ನು ಮಾಡುವುದರ ಜೊತೆ ತನ್ನ ಆತ್ಮೋದ್ಧಾರವನ್ನು ಸಹ ಮಾಡಿಕೊಳ್ಳಬೇಕಾಗಿದೆ. ನಮ್ಮ ಹಿರಿಯರು ಮುಕ್ತಿಯನ್ನು ಪಡೆದುಕೊಳ್ಳಲು, ಸಮಾಜ ಸೇವೆ ಮಾಡಲು ಮನಸ್ಸು ಬೇಕಾಗಿದೆ ಎಂದರು.

ಮರಳೆಗವಿ ಮಠದ ಡಾ. ಶಿವರುದ್ರ ಮಹಾಸ್ವಾಮಿಗಳು ಮಾತನಾಡಿ ಧಾರ್ಮಿಕತೆ ಜನರಲ್ಲಿ ಇರಬೇಕು ಆಗ ಮಾತ್ರ ಸಮಾಜದಲ್ಲಿ ಶಾಂತಿ ನೆಲೆಸಲು ಸಾಧ್ಯ. ನಾವೆಲ್ಲರೂ ಒಂದೇ ಎಂಬ ಭಾವನೆ ಬರಬೇಕು ಎಂದು ಹೇಳಿದರು.

ರೀತಿ ಗಟ್ಟಿಯಾದ ಅವಿನಾಭಾವ ಸಂಬಂಧವಿದೆ ಎಂದು ತಮ್ಮ ಅಭಿಪ್ರಾಯವನ್ನು ವ್ಯಕ್ತಪಡಿಸಿದರು. ದೇಗುಲ ಮಠ, ಮರಳೆಗವಿ ಮಠ, ಹಾಗೂ ಶಿವಗಿರಿ ಮಠ ತಾಲೂಕಿಗೆ ತ್ರಿಭುಜವಿದ್ದಂತೆ ಒಂದನ್ನು ಬಿಟ್ಟು ಮತ್ತೊಂದು ಇರುವುದಿಲ್ಲ ಮೂರು ಮಠಾಧೀಶರು ಅಣ್ಣ ತಮ್ಮಂದಿರು ಇದ್ದಹಾಗೆ ತಾಲೂಕಿನ ಅಧ್ಯಾತ್ಮಿಕ ಕ್ಷೇತ್ರದಲ್ಲಿ ಸೇವೆ ಮಾಡುತಿದ್ದೇವೆ ಎಂದರು.

ದೇಗುಲಮಠದ ಡಾ. ಚನ್ನಬಸವ ಸ್ವಾಮಿಗಳು ಮಾತನಾಡಿ ಮರಳೆಗ್ರಾಮದ ಹಿರಿಯರ ಸಂಕಲ್ಪದಂತೆ ಈ ದೇವಾಲಯ ನಿರ್ಮಾಣವಾಗಿದೆ. ಗ್ರಾಮಸ್ಥರು ಒಗ್ಗಟ್ಟಿನಿಂದ ಕಾರ್ಯಕ್ರಮ ಯಶಸ್ವಿಗೊಳಿಸಿದ್ದಾರೆ ಎಂದರು.

ಇಂದು ಜಗದ್ಗುರುಗಳಾದ ಶ್ರೀ ಡಾ. ನಿರ್ಮಲಾನಂದನಾಥ ಸ್ವಾಮಿಗಳು ಗ್ರಾಮಕ್ಕೆ ಆಗಮಿಸಿ ಬಸವೇಶ್ವರಸ್ವಾಮಿ ದೇವಾಲಯ ಉದ್ಘಾಟನೆ ಮಾಡಿರುವುದು ನಮ್ಮೆಲ್ಲರ ಪುಣ್ಯ ಎಂದು ಗ್ರಾಮಸ್ಥರು ಅಭಿಪ್ರಾಯಪಟ್ಟರು.

ಈ ಕಾರ್ಯಕ್ರಮದಲ್ಲಿ ಶಿವಗಿರಿ ಕ್ಷೇತ್ರದ ಸ್ವಾಮೀಜಿ, ಬಿಡಿಸಿಸಿ ಬ್ಯಾಂಕ್ ಅಧ್ಯಕ್ಷ ಎಂ.ಡಿ. ವಿಜಯದೇವ್, ಮಾಜಿ ಅಧ್ಯಕ್ಷ ಎಚ್.ಕೆ. ಶ್ರೀಕಂಠು, ಗ್ರಾಮದ ಮುಖಂಡರು ಸೇರಿದಂತೆ ಸಾವಿರಾರು ಭಕ್ತಾದಿಗಳು ಉಪಸ್ಥಿತರಿದ್ದರು.

ವೈಭವದ ವೆಂಕಟರಮಣ ಬ್ರಹ್ಮರಥೋತ್ಸವ

ಕನಕಪುರ, ಫೆ.5–– ತಾಲೂಕಿನ ಕಸಬಾ ಸಹೋಬಳಿಗೆ ಸೇರಿದ ಕಲ್ಲಹಳ್ಳಿಯ ಶ್ರೀ ವೆಂಕಟರಮಣಸ್ವಾಮಿಯ ಬ್ರಹ್ಮರಥೋತ್ಸವ ಲಕ್ಷಾಂತರ ಮಂದಿ ಭಕ್ತರ ಸಮ್ಮುಖದಲ್ಲಿ ಬಹಳ ವೈಭವದಿಂದ ನೆರವೇರಿತು. ಕನಕಪುರ ತಾಲೂಕಿನಲ್ಲೇ ಇತಿಹಾಸ ಪ್ರಸಿದ್ಧವಾದ ಶ್ರೀ ಕಲ್ಲಹಳ್ಳಿಯ ವೆಂಕಟರಮಣಸ್ವಾಮಿಯ ಬ್ರಹ್ಮರಥೋತ್ಸವವು ಪ್ರತಿವರ್ಷದಲ್ಲಿ ಮಾಘಮಾಸದಲ್ಲಿ ನೆರವೇರುತ್ತದೆ ಅದೇ ರೀತಿಯಲ್ಲಿ ಸ್ವಾಮಿಯ ರಥೋತ್ಸವವು ಹತ್ತಾರು ಲಕ್ಷಾಂತರ ಭಕ್ತಾದಿಗಳ ಉಪಸ್ಥಿತಿಯಲ್ಲಿ ವೈಭವದಿಂದ ನಡೆಯಿತು.

ಉಪ ಮುಖ್ಯ ಮಂತ್ರಿ ಡಿ.ಕೆ. ಶಿವಕುಮಾರ್ ಹಾಗೂ ತಹಶೀಲ್ದಾರ್ ಸಂಜೀಯ್ ರವರು ರಥಕ್ಕೆ ಪೂಜೆಸಲ್ಲಿಸಿ ಚಾಲನೆ ನೀಡಿದರು. ರಥ ಚಾಲನೆ ಮಾಡುವುದಕ್ಕೂ ಮುನ್ನ ರಥದ ಮೇಲೆ ಗರುಡನ ಪ್ರದಕ್ಷಿಣೆಯ ನಂತರವಷ್ಟೇ ರಥವು ಚಲನೆ ಗೊಂಡಿತು.

ಶ್ರೀ ಕಲ್ಲಹಳ್ಳಿಯ ವೆಂಕಟರಮಣಸ್ವಾಮಿ ದೇವಾಲಯದ ಜೀರ್ಣೋದ್ಧಾರ ಸಮಿತಿಯ ಅಧ್ಯಕ್ಷರಾದ ಟಿ.ಸಿ. ಪ್ರಕಾಶ್ ಸೇರಿದಂತೆ ಎಲ್ಲಾ ನಿರ್ದೇಶಕರು ತಾಲೂಕು ಪಂಚಾಯತಿ ಮಾಜಿ ಅಧ್ಯಕ್ಷ ಹೊಸಕೋಟೆ ಪುರುಷೋತ್ತಮ್, ಕಲ್ಲಹಳ್ಳಿ ಗ್ರಾಮ ಪಂಚಾಯತಿ ಮಾಜಿ ಅಧ್ಯಕ್ಷರಾದ ಮರಿಯಪ್ಪ, ಬಿ.ಎಸ್. ಗೌಡ, ಆನಮಾನಹಳ್ಳಿ ನಟೇಶ್ ಒಳಗೊಂಡಂತೆ ಎಲ್ಲಾ ಭಕ್ತಾದಿಗಳು ಉಪಸ್ಥಿತರಿದ್ದರು. ದೇವಾಲಯದ ಪ್ರಧಾನ ಅರ್ಚಕರು ಬೆಳಿಗ್ಗೆ 5 ಗಂಟೆಯಿಂದ ವೆಂಕಟರಮಣಸ್ವಾಮಿ

ದರ್ಶನಕ್ಕೆ ಅವಕಾಶ ಕಲ್ಪಿಸಿಕೊಟ್ಟಿದ್ದರು. ಸುಮಾರು 50 ಸಾವಿರಕ್ಕೂ ಹೆಚ್ಚು ಜನರು ಆಗಮಿಸಿ ಶ್ರೀನಿವಾಸನ ದರ್ಶನ ಪಡೆದರು. ರಾತ್ರಿ ಮದ್ದುಗುಂಡಗಳ ಪ್ರದರ್ಶನವನ್ನು ಸಹ ಏರ್ಪಡಿಸಿದ್ದರು.
